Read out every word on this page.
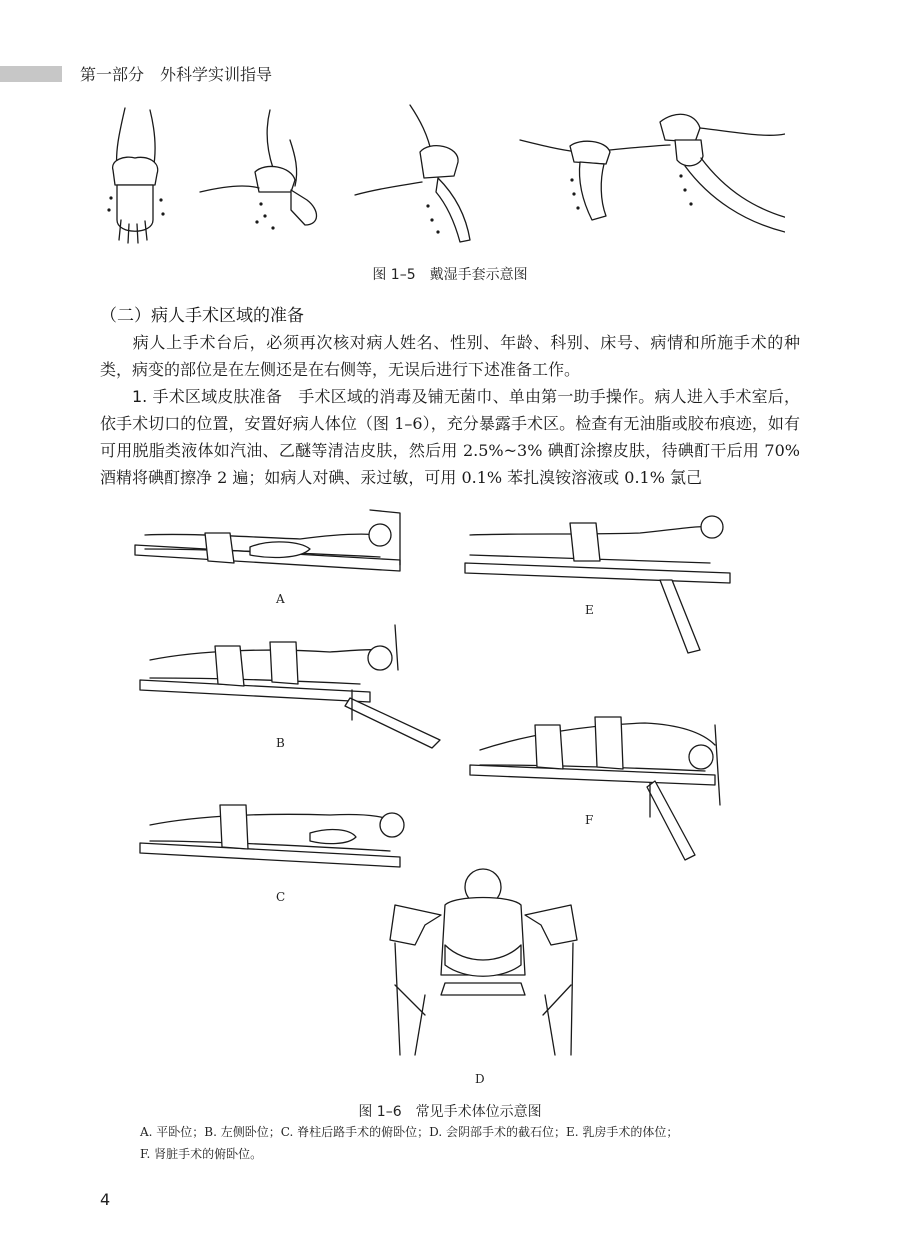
第一部分　外科学实训指导
图 1–5　戴湿手套示意图
（二）病人手术区域的准备
病人上手术台后，必须再次核对病人姓名、性别、年龄、科别、床号、病情和所施手术的种类，病变的部位是在左侧还是在右侧等，无误后进行下述准备工作。
1. 手术区域皮肤准备　 手术区域的消毒及铺无菌巾、单由第一助手操作。病人进入手术室后，依手术切口的位置，安置好病人体位（图 1–6），充分暴露手术区。检查有无油脂或胶布痕迹，如有可用脱脂类液体如汽油、乙醚等清洁皮肤，然后用 2.5%~3% 碘酊涂擦皮肤，待碘酊干后用 70% 酒精将碘酊擦净 2 遍；如病人对碘、汞过敏，可用 0.1% 苯扎溴铵溶液或 0.1% 氯己
A
E
B
F
C
D
图 1–6　常见手术体位示意图
A. 平卧位；B. 左侧卧位；C. 脊柱后路手术的俯卧位；D. 会阴部手术的截石位；E. 乳房手术的体位；
F. 肾脏手术的俯卧位。
4
